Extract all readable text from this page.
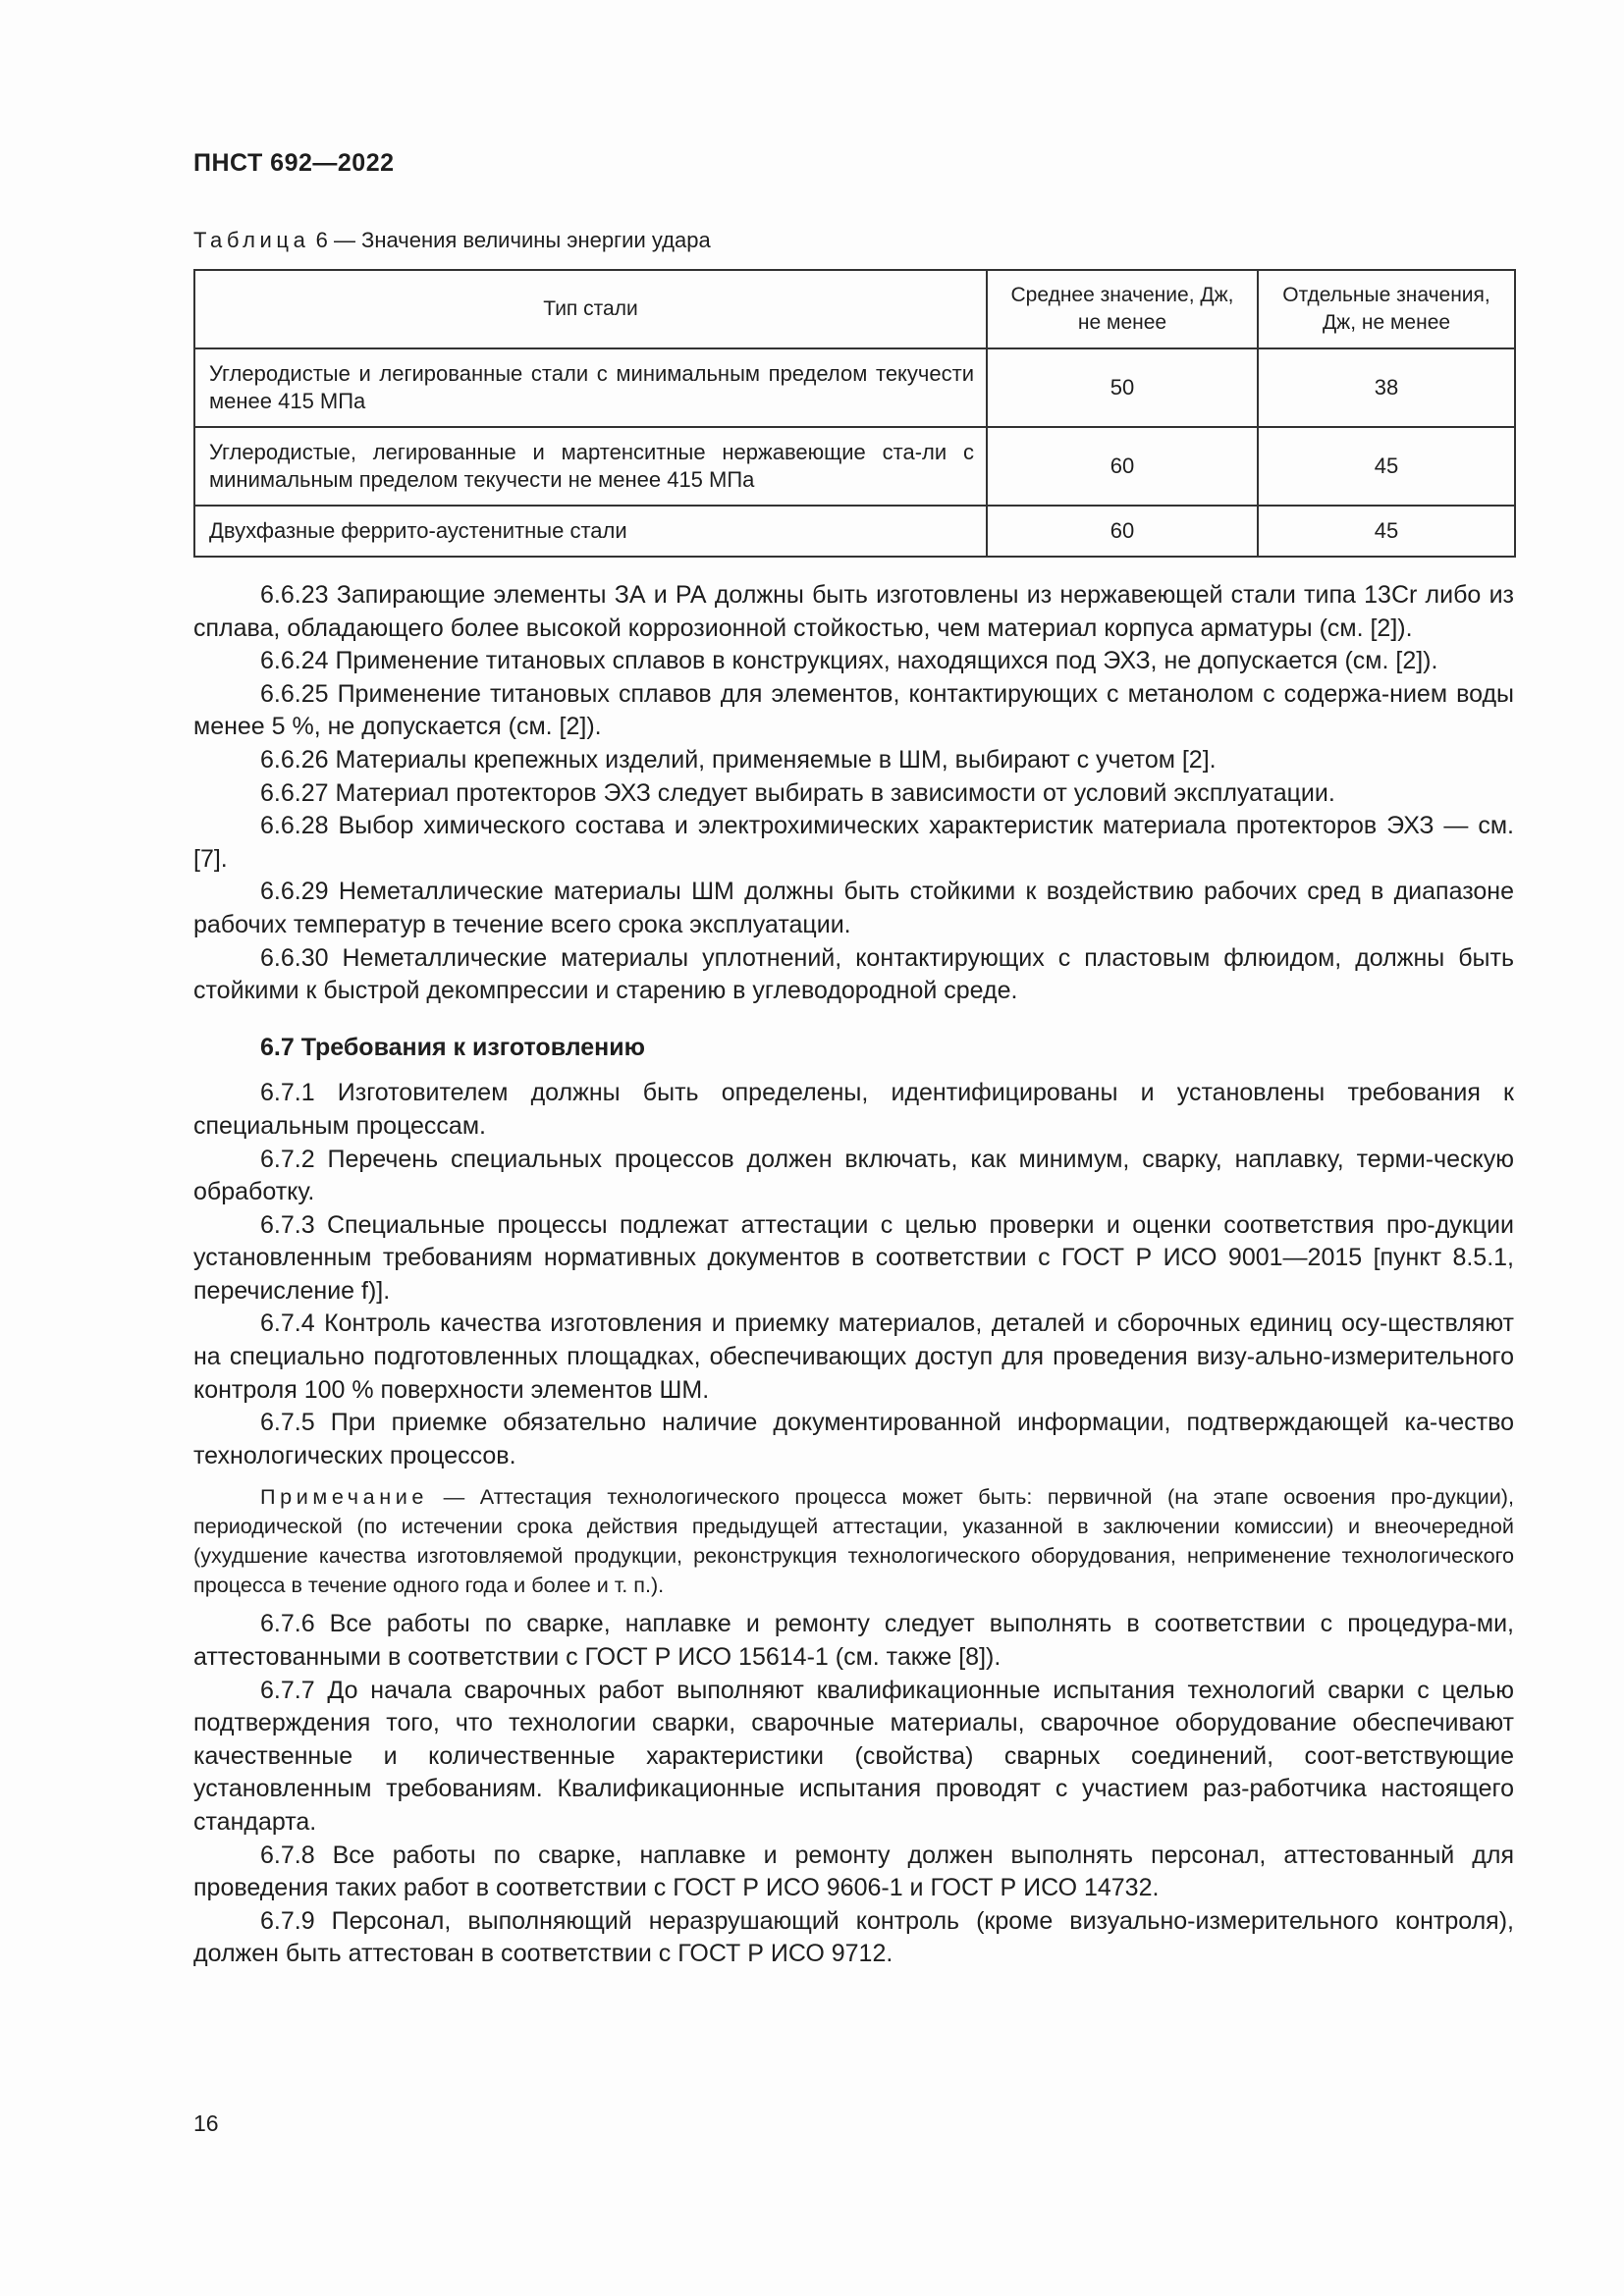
ПНСТ 692—2022
Таблица 6 — Значения величины энергии удара
Тип стали	Среднее значение, Дж, не менее	Отдельные значения, Дж, не менее
Углеродистые и легированные стали с минимальным пределом текучести менее 415 МПа	50	38
Углеродистые, легированные и мартенситные нержавеющие ста-ли с минимальным пределом текучести не менее 415 МПа	60	45
Двухфазные феррито-аустенитные стали	60	45

6.6.23 Запирающие элементы ЗА и РА должны быть изготовлены из нержавеющей стали типа 13Cr либо из сплава, обладающего более высокой коррозионной стойкостью, чем материал корпуса арматуры (см. [2]).

6.6.24 Применение титановых сплавов в конструкциях, находящихся под ЭХЗ, не допускается (см. [2]).

6.6.25 Применение титановых сплавов для элементов, контактирующих с метанолом с содержа-нием воды менее 5 %, не допускается (см. [2]).

6.6.26 Материалы крепежных изделий, применяемые в ШМ, выбирают с учетом [2].

6.6.27 Материал протекторов ЭХЗ следует выбирать в зависимости от условий эксплуатации.

6.6.28 Выбор химического состава и электрохимических характеристик материала протекторов ЭХЗ — см. [7].

6.6.29 Неметаллические материалы ШМ должны быть стойкими к воздействию рабочих сред в диапазоне рабочих температур в течение всего срока эксплуатации.

6.6.30 Неметаллические материалы уплотнений, контактирующих с пластовым флюидом, должны быть стойкими к быстрой декомпрессии и старению в углеводородной среде.

6.7 Требования к изготовлению

6.7.1 Изготовителем должны быть определены, идентифицированы и установлены требования к специальным процессам.

6.7.2 Перечень специальных процессов должен включать, как минимум, сварку, наплавку, терми-ческую обработку.

6.7.3 Специальные процессы подлежат аттестации с целью проверки и оценки соответствия про-дукции установленным требованиям нормативных документов в соответствии с ГОСТ Р ИСО 9001—2015 [пункт 8.5.1, перечисление f)].

6.7.4 Контроль качества изготовления и приемку материалов, деталей и сборочных единиц осу-ществляют на специально подготовленных площадках, обеспечивающих доступ для проведения визу-ально-измерительного контроля 100 % поверхности элементов ШМ.

6.7.5 При приемке обязательно наличие документированной информации, подтверждающей ка-чество технологических процессов.

Примечание — Аттестация технологического процесса может быть: первичной (на этапе освоения про-дукции), периодической (по истечении срока действия предыдущей аттестации, указанной в заключении комиссии) и внеочередной (ухудшение качества изготовляемой продукции, реконструкция технологического оборудования, неприменение технологического процесса в течение одного года и более и т. п.).

6.7.6 Все работы по сварке, наплавке и ремонту следует выполнять в соответствии с процедура-ми, аттестованными в соответствии с ГОСТ Р ИСО 15614-1 (см. также [8]).

6.7.7 До начала сварочных работ выполняют квалификационные испытания технологий сварки с целью подтверждения того, что технологии сварки, сварочные материалы, сварочное оборудование обеспечивают качественные и количественные характеристики (свойства) сварных соединений, соот-ветствующие установленным требованиям. Квалификационные испытания проводят с участием раз-работчика настоящего стандарта.

6.7.8 Все работы по сварке, наплавке и ремонту должен выполнять персонал, аттестованный для проведения таких работ в соответствии с ГОСТ Р ИСО 9606-1 и ГОСТ Р ИСО 14732.

6.7.9 Персонал, выполняющий неразрушающий контроль (кроме визуально-измерительного контроля), должен быть аттестован в соответствии с ГОСТ Р ИСО 9712.

16
